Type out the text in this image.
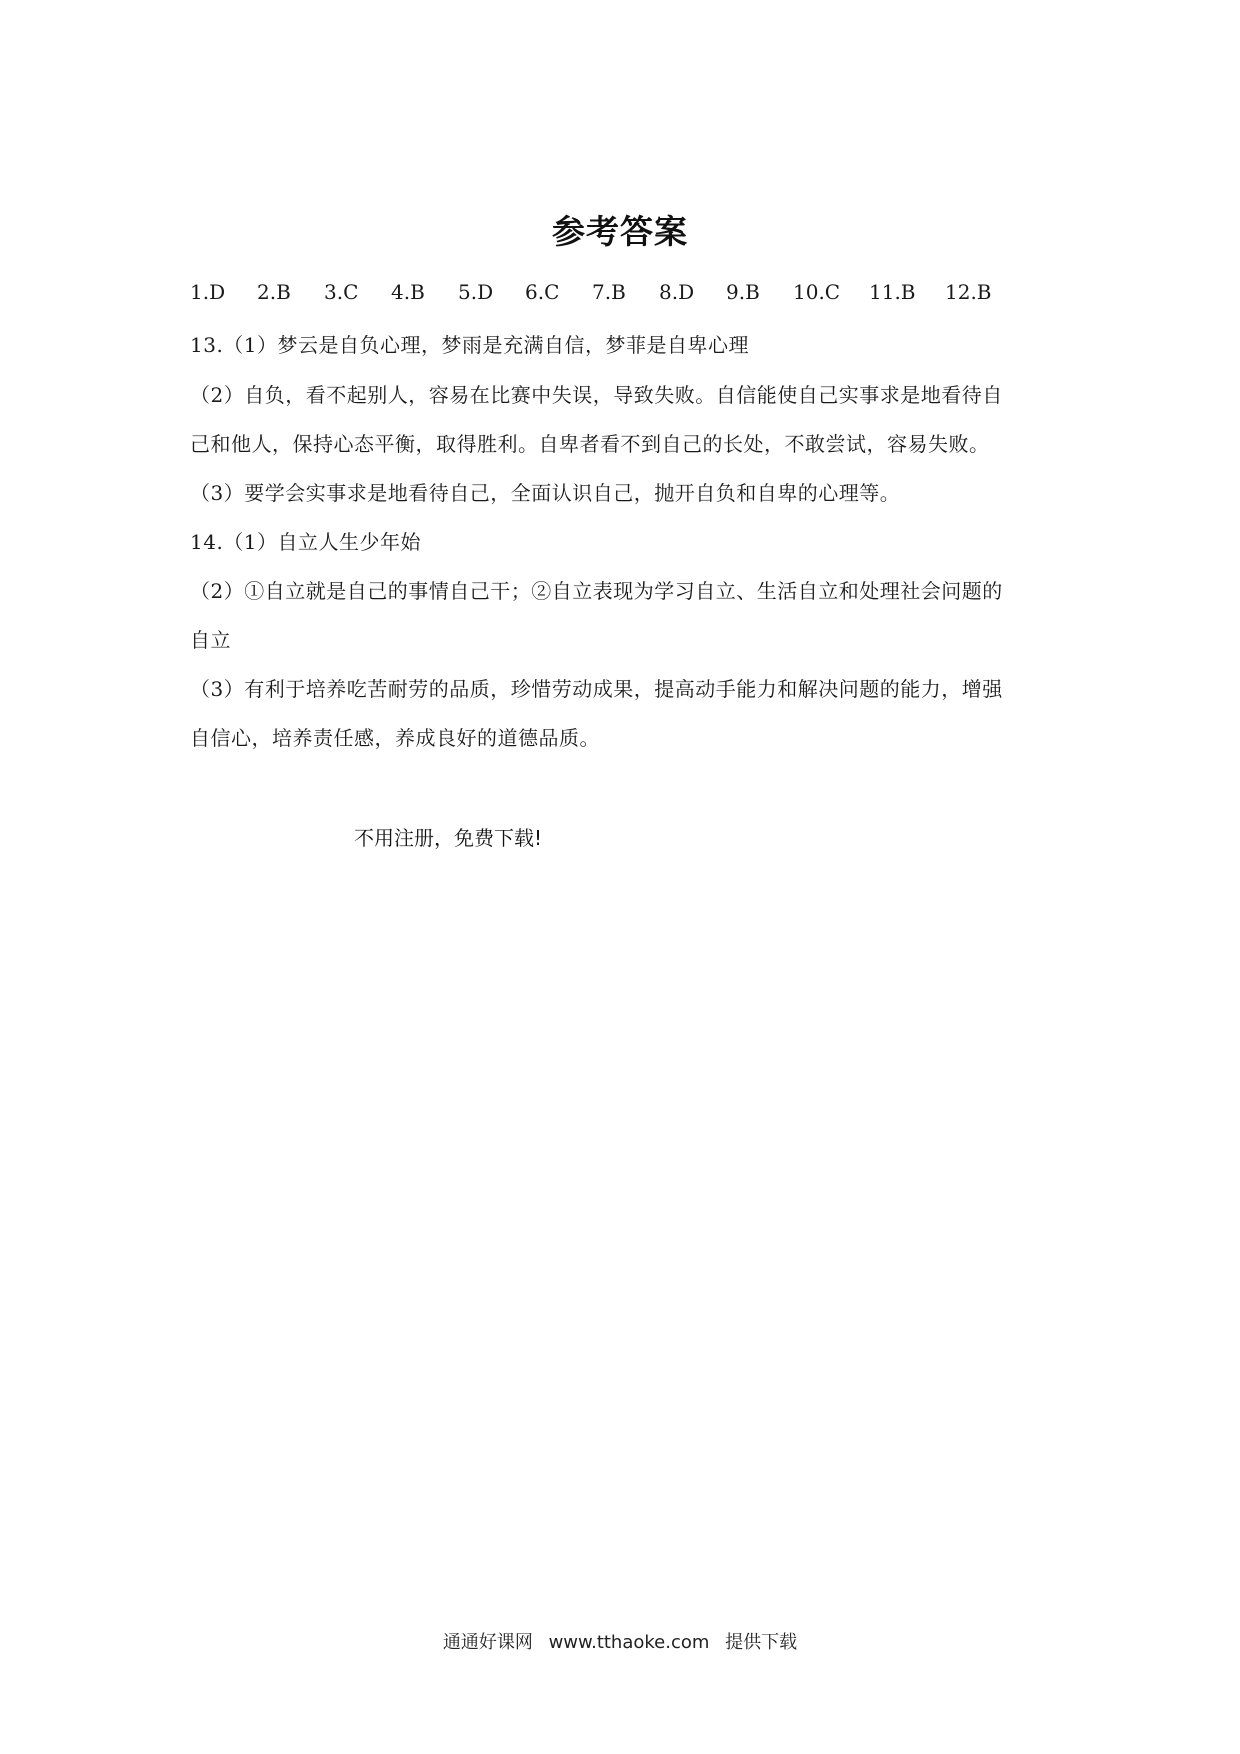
参考答案
1.D	2.B	3.C	4.B	5.D	6.C	7.B	8.D	9.B	10.C	11.B	12.B
13.（1）梦云是自负心理，梦雨是充满自信，梦菲是自卑心理
（2）自负，看不起别人，容易在比赛中失误，导致失败。自信能使自己实事求是地看待自
己和他人，保持心态平衡，取得胜利。自卑者看不到自己的长处，不敢尝试，容易失败。
（3）要学会实事求是地看待自己，全面认识自己，抛开自负和自卑的心理等。
14.（1）自立人生少年始
（2）①自立就是自己的事情自己干；②自立表现为学习自立、生活自立和处理社会问题的
自立
（3）有利于培养吃苦耐劳的品质，珍惜劳动成果，提高动手能力和解决问题的能力，增强
自信心，培养责任感，养成良好的道德品质。
不用注册，免费下载!
通通好课网 www.tthaoke.com 提供下载
